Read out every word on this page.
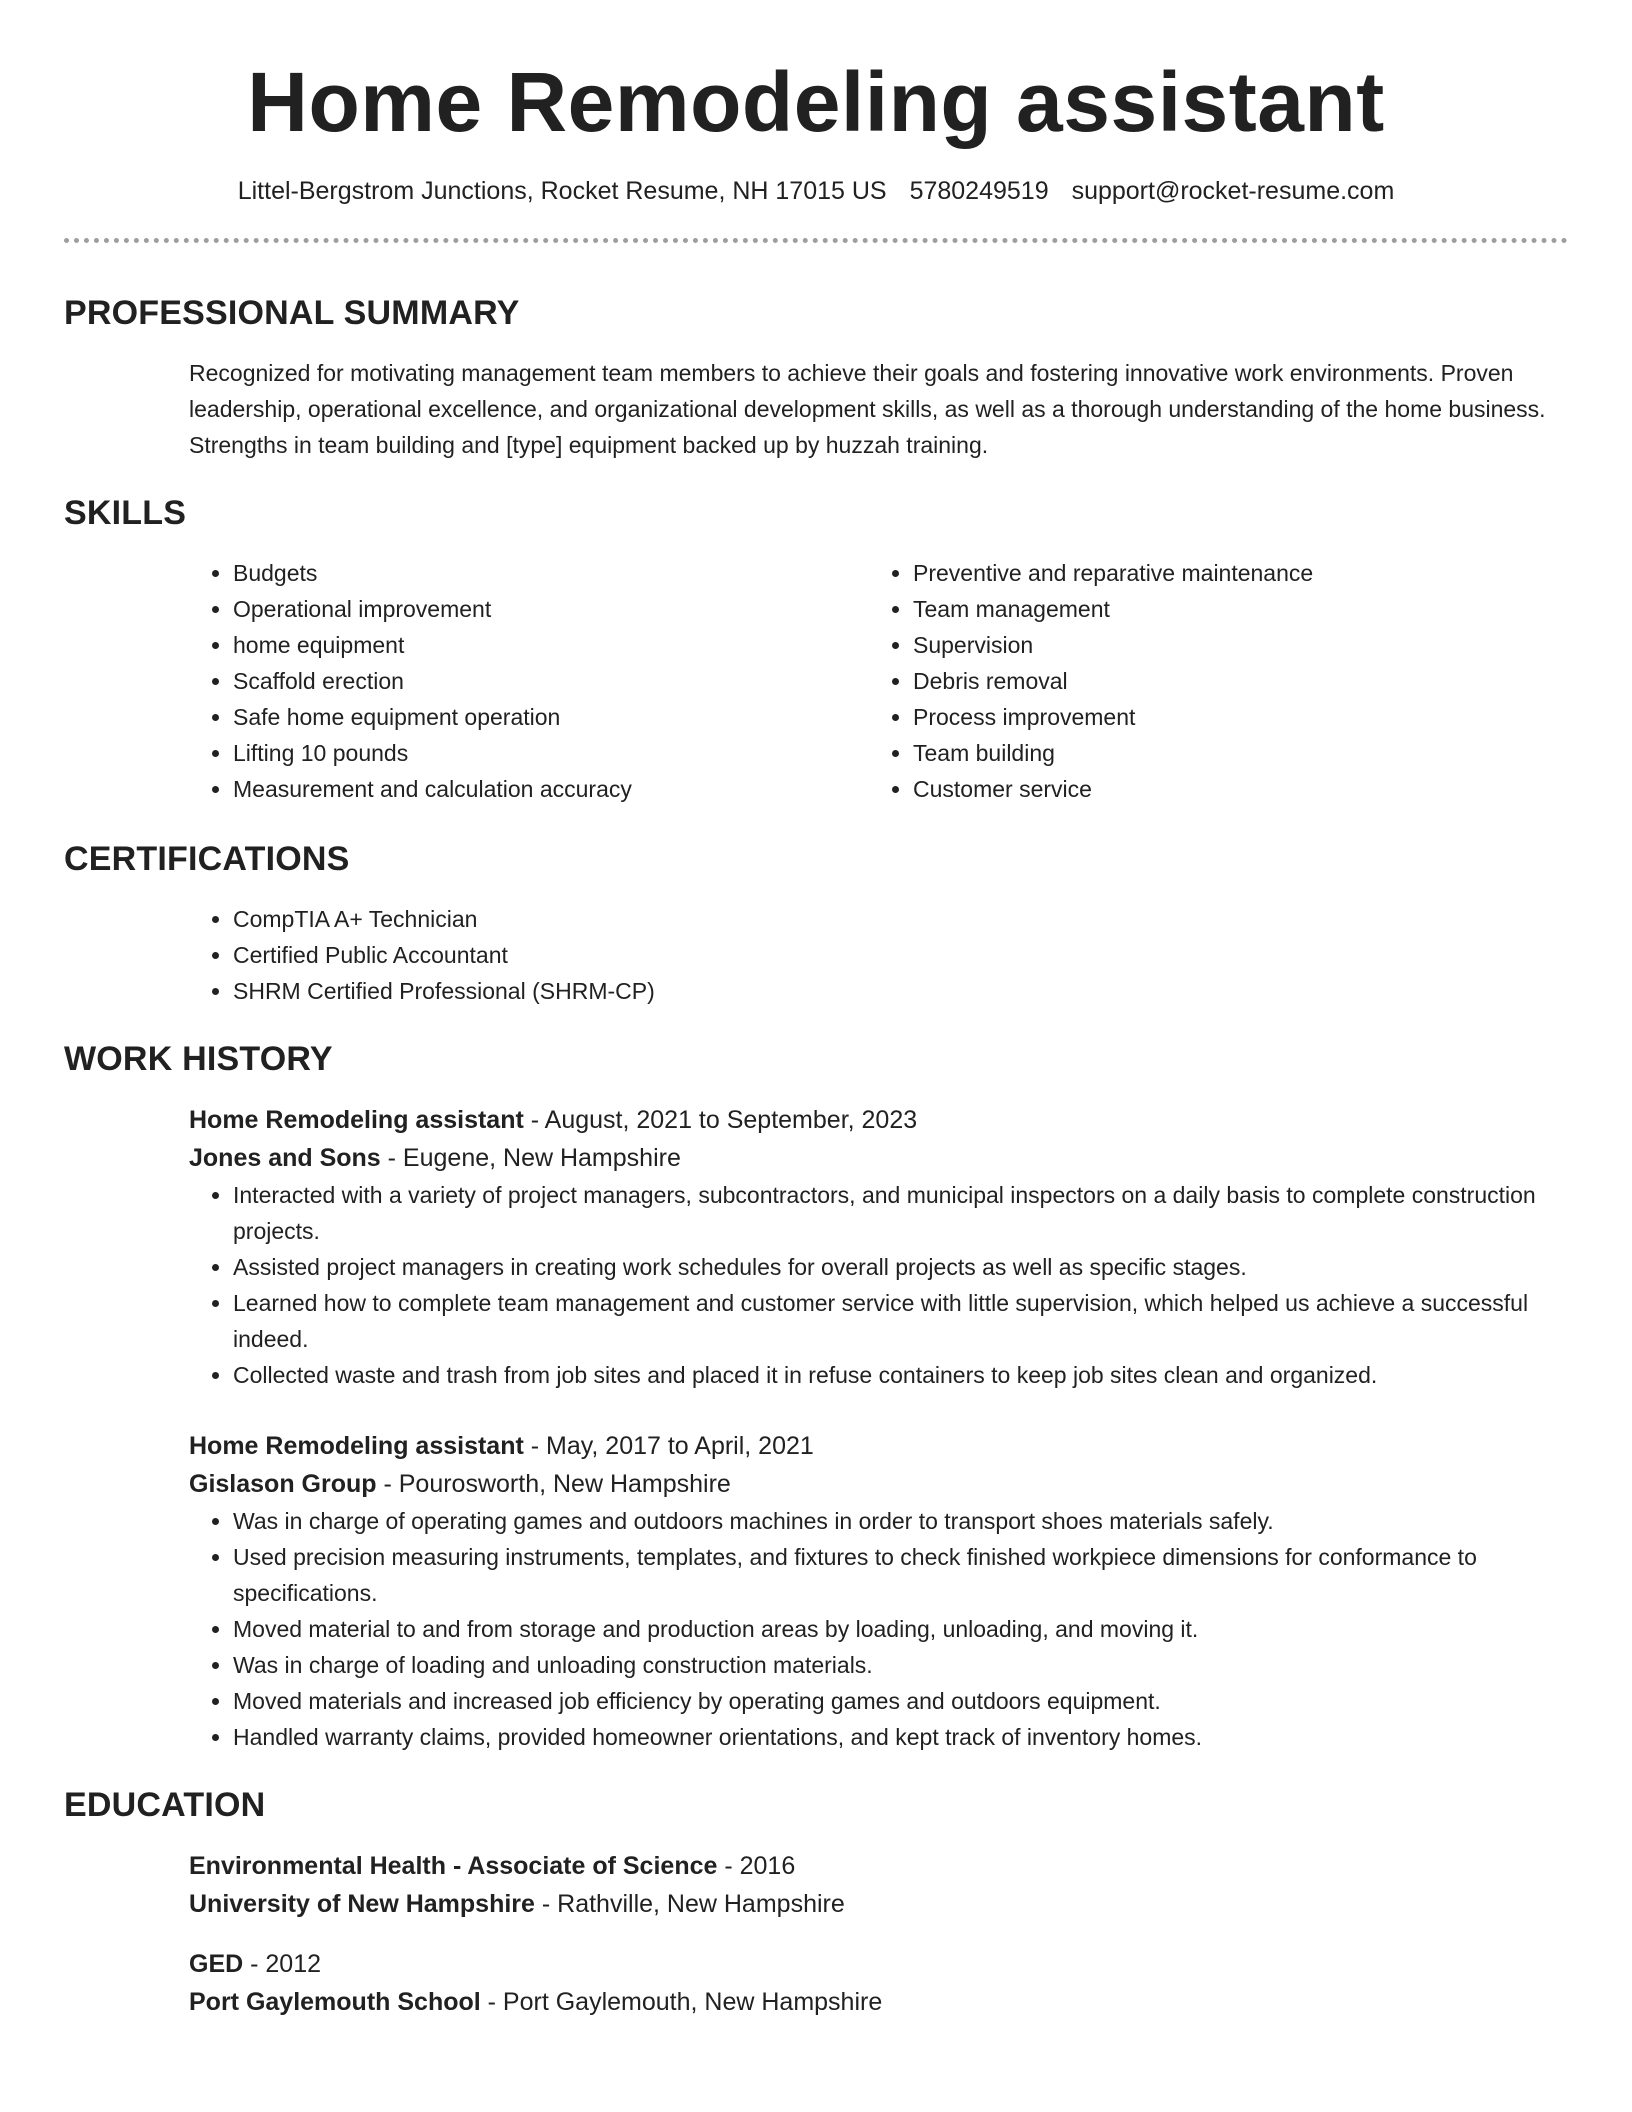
Home Remodeling assistant
Littel-Bergstrom Junctions, Rocket Resume, NH 17015 US 5780249519 support@rocket-resume.com
PROFESSIONAL SUMMARY

Recognized for motivating management team members to achieve their goals and fostering innovative work environments. Proven leadership, operational excellence, and organizational development skills, as well as a thorough understanding of the home business. Strengths in team building and [type] equipment backed up by huzzah training.

SKILLS
• Budgets
• Operational improvement
• home equipment
• Scaffold erection
• Safe home equipment operation
• Lifting 10 pounds
• Measurement and calculation accuracy
• Preventive and reparative maintenance
• Team management
• Supervision
• Debris removal
• Process improvement
• Team building
• Customer service
CERTIFICATIONS
• CompTIA A+ Technician
• Certified Public Accountant
• SHRM Certified Professional (SHRM-CP)
WORK HISTORY

Home Remodeling assistant - August, 2021 to September, 2023

Jones and Sons - Eugene, New Hampshire

• Interacted with a variety of project managers, subcontractors, and municipal inspectors on a daily basis to complete construction projects.
• Assisted project managers in creating work schedules for overall projects as well as specific stages.
• Learned how to complete team management and customer service with little supervision, which helped us achieve a successful indeed.
• Collected waste and trash from job sites and placed it in refuse containers to keep job sites clean and organized.

Home Remodeling assistant - May, 2017 to April, 2021

Gislason Group - Pourosworth, New Hampshire

• Was in charge of operating games and outdoors machines in order to transport shoes materials safely.
• Used precision measuring instruments, templates, and fixtures to check finished workpiece dimensions for conformance to specifications.
• Moved material to and from storage and production areas by loading, unloading, and moving it.
• Was in charge of loading and unloading construction materials.
• Moved materials and increased job efficiency by operating games and outdoors equipment.
• Handled warranty claims, provided homeowner orientations, and kept track of inventory homes.
EDUCATION

Environmental Health - Associate of Science - 2016

University of New Hampshire - Rathville, New Hampshire

GED - 2012

Port Gaylemouth School - Port Gaylemouth, New Hampshire
